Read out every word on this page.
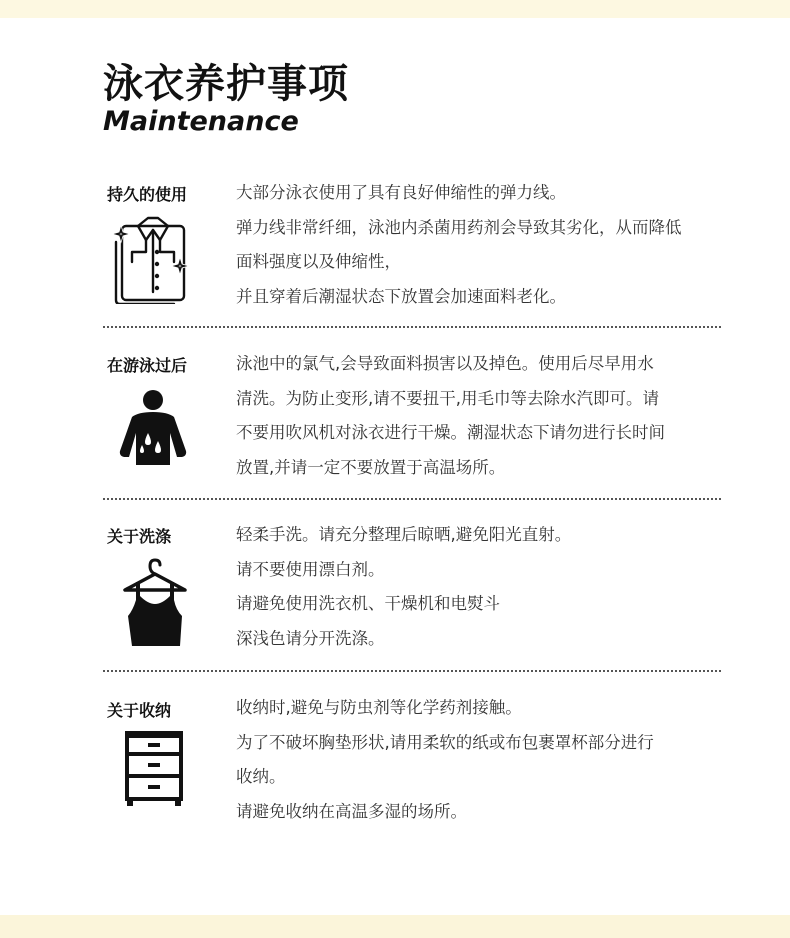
泳衣养护事项
Maintenance
持久的使用	大部分泳衣使用了具有良好伸缩性的弹力线。
弹力线非常纤细，泳池内杀菌用药剂会导致其劣化，从而降低
面料强度以及伸缩性，
并且穿着后潮湿状态下放置会加速面料老化。
在游泳过后	泳池中的氯气,会导致面料损害以及掉色。使用后尽早用水
清洗。为防止变形,请不要扭干,用毛巾等去除水汽即可。请
不要用吹风机对泳衣进行干燥。潮湿状态下请勿进行长时间
放置,并请一定不要放置于高温场所。
关于洗涤	轻柔手洗。请充分整理后晾晒,避免阳光直射。
请不要使用漂白剂。
请避免使用洗衣机、干燥机和电熨斗
深浅色请分开洗涤。
关于收纳	收纳时,避免与防虫剂等化学药剂接触。
为了不破坏胸垫形状,请用柔软的纸或布包裹罩杯部分进行
收纳。
请避免收纳在高温多湿的场所。
